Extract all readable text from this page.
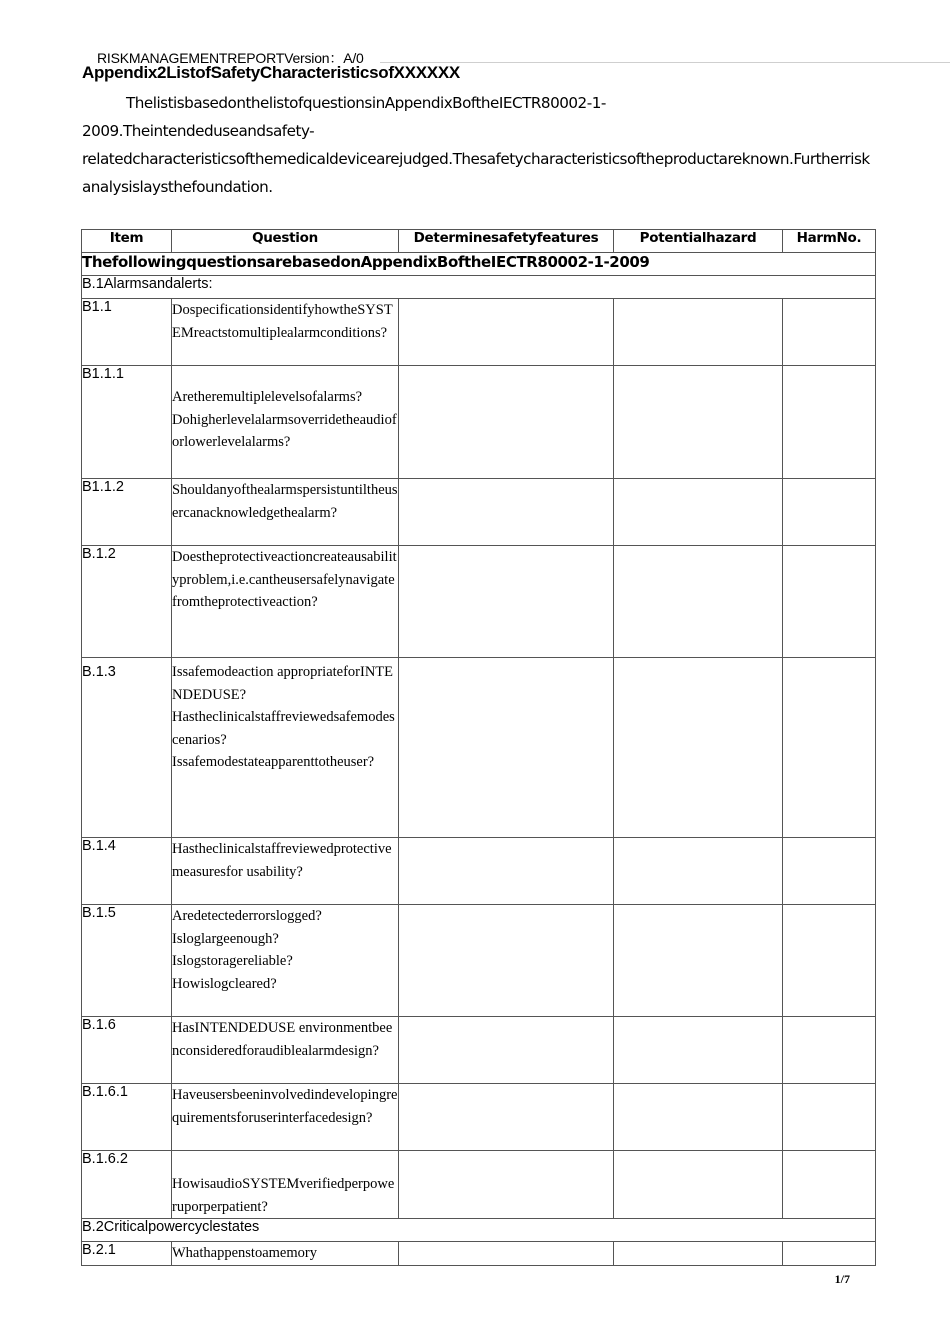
RISKMANAGEMENTREPORTVersion：A/0
Appendix2ListofSafetyCharacteristicsofXXXXXX
ThelistisbasedonthelistofquestionsinAppendixBoftheIECTR80002-1-
2009.Theintendeduseandsafety-
relatedcharacteristicsofthemedicaldevicearejudged.Thesafetycharacteristicsoftheproductareknown.Furtherriskanalysislaysthefoundation.
Item	Question	Determinesafetyfeatures	Potentialhazard	HarmNo.
ThefollowingquestionsarebasedonAppendixBoftheIECTR80002-1-2009				
B.1Alarmsandalerts:				
B1.1	DospecificationsidentifyhowtheSYSTEMreactstomultiplealarmconditions?			
B1.1.1	Aretheremultiplelevelsofalarms?
Dohigherlevelalarmsoverridetheaudioforlowerlevelalarms?			
B1.1.2	Shouldanyofthealarmspersistuntiltheusercanacknowledgethealarm?			
B.1.2	Doestheprotectiveactioncreateausabilityproblem,i.e.cantheusersafelynavigatefromtheprotectiveaction?			
B.1.3	Issafemodeaction appropriateforINTENDEDUSE?
Hastheclinicalstaffreviewedsafemodescenarios?
Issafemodestateapparenttotheuser?			
B.1.4	Hastheclinicalstaffreviewedprotectivemeasuresfor usability?			
B.1.5	Aredetectederrorslogged?
Isloglargeenough?
Islogstoragereliable?
Howislogcleared?			
B.1.6	HasINTENDEDUSE environmentbeenconsideredforaudiblealarmdesign?			
B.1.6.1	Haveusersbeeninvolvedindevelopingrequirementsforuserinterfacedesign?			
B.1.6.2	HowisaudioSYSTEMverifiedperpoweruporperpatient?			
B.2Criticalpowercyclestates				
B.2.1	Whathappenstoamemory			
1/7
